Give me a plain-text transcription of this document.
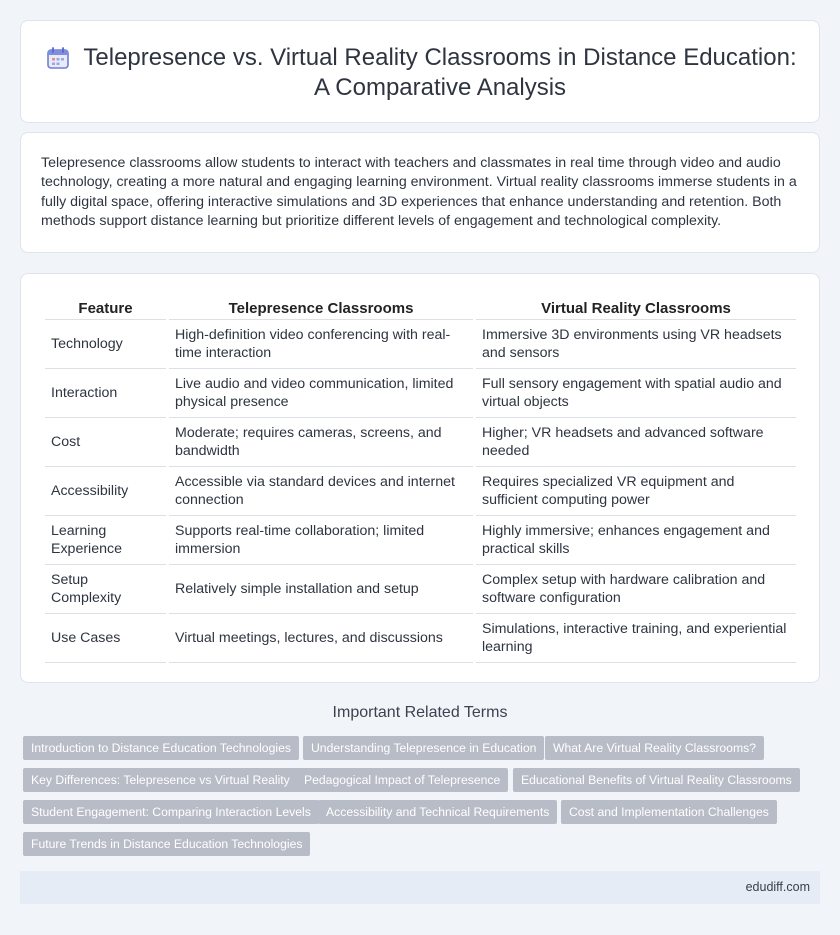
Telepresence vs. Virtual Reality Classrooms in Distance Education: A Comparative Analysis

Telepresence classrooms allow students to interact with teachers and classmates in real time through video and audio technology, creating a more natural and engaging learning environment. Virtual reality classrooms immerse students in a fully digital space, offering interactive simulations and 3D experiences that enhance understanding and retention. Both methods support distance learning but prioritize different levels of engagement and technological complexity.

Feature	Telepresence Classrooms	Virtual Reality Classrooms
Technology	High-definition video conferencing with real-time interaction	Immersive 3D environments using VR headsets and sensors
Interaction	Live audio and video communication, limited physical presence	Full sensory engagement with spatial audio and virtual objects
Cost	Moderate; requires cameras, screens, and bandwidth	Higher; VR headsets and advanced software needed
Accessibility	Accessible via standard devices and internet connection	Requires specialized VR equipment and sufficient computing power
Learning Experience	Supports real-time collaboration; limited immersion	Highly immersive; enhances engagement and practical skills
Setup Complexity	Relatively simple installation and setup	Complex setup with hardware calibration and software configuration
Use Cases	Virtual meetings, lectures, and discussions	Simulations, interactive training, and experiential learning
Important Related Terms
Introduction to Distance Education Technologies	Understanding Telepresence in Education	What Are Virtual Reality Classrooms?
Key Differences: Telepresence vs Virtual Reality	Pedagogical Impact of Telepresence	Educational Benefits of Virtual Reality Classrooms
Student Engagement: Comparing Interaction Levels	Accessibility and Technical Requirements	Cost and Implementation Challenges
Future Trends in Distance Education Technologies
edudiff.com
